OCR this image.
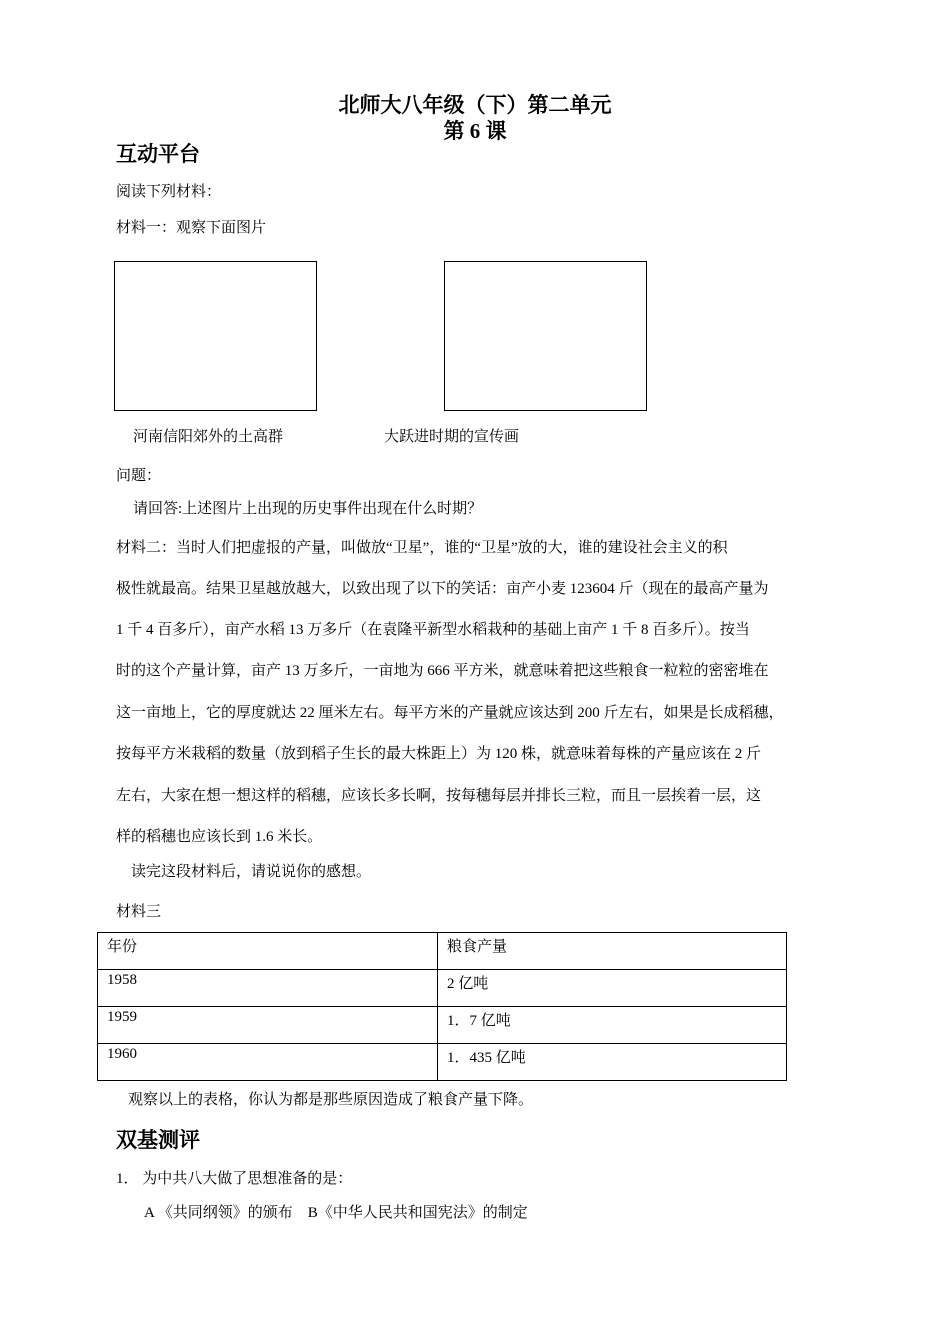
北师大八年级（下）第二单元
第 6 课
互动平台
阅读下列材料：
材料一：观察下面图片
河南信阳郊外的土高群	大跃进时期的宣传画
问题：
请回答:上述图片上出现的历史事件出现在什么时期？
材料二：当时人们把虚报的产量，叫做放“卫星”，谁的“卫星”放的大，谁的建设社会主义的积
极性就最高。结果卫星越放越大，以致出现了以下的笑话：亩产小麦 123604 斤（现在的最高产量为
1 千 4 百多斤），亩产水稻 13 万多斤（在袁隆平新型水稻栽种的基础上亩产 1 千 8 百多斤）。按当
时的这个产量计算，亩产 13 万多斤，一亩地为 666 平方米，就意味着把这些粮食一粒粒的密密堆在
这一亩地上，它的厚度就达 22 厘米左右。每平方米的产量就应该达到 200 斤左右，如果是长成稻穗，
按每平方米栽稻的数量（放到稻子生长的最大株距上）为 120 株，就意味着每株的产量应该在 2 斤
左右，大家在想一想这样的稻穗，应该长多长啊，按每穗每层并排长三粒，而且一层挨着一层，这
样的稻穗也应该长到 1.6 米长。
读完这段材料后，请说说你的感想。
材料三
年份	粮食产量
1958	2 亿吨
1959	1．7 亿吨
1960	1．435 亿吨
观察以上的表格，你认为都是那些原因造成了粮食产量下降。
双基测评
1． 为中共八大做了思想准备的是：
A 《共同纲领》的颁布    B《中华人民共和国宪法》的制定
